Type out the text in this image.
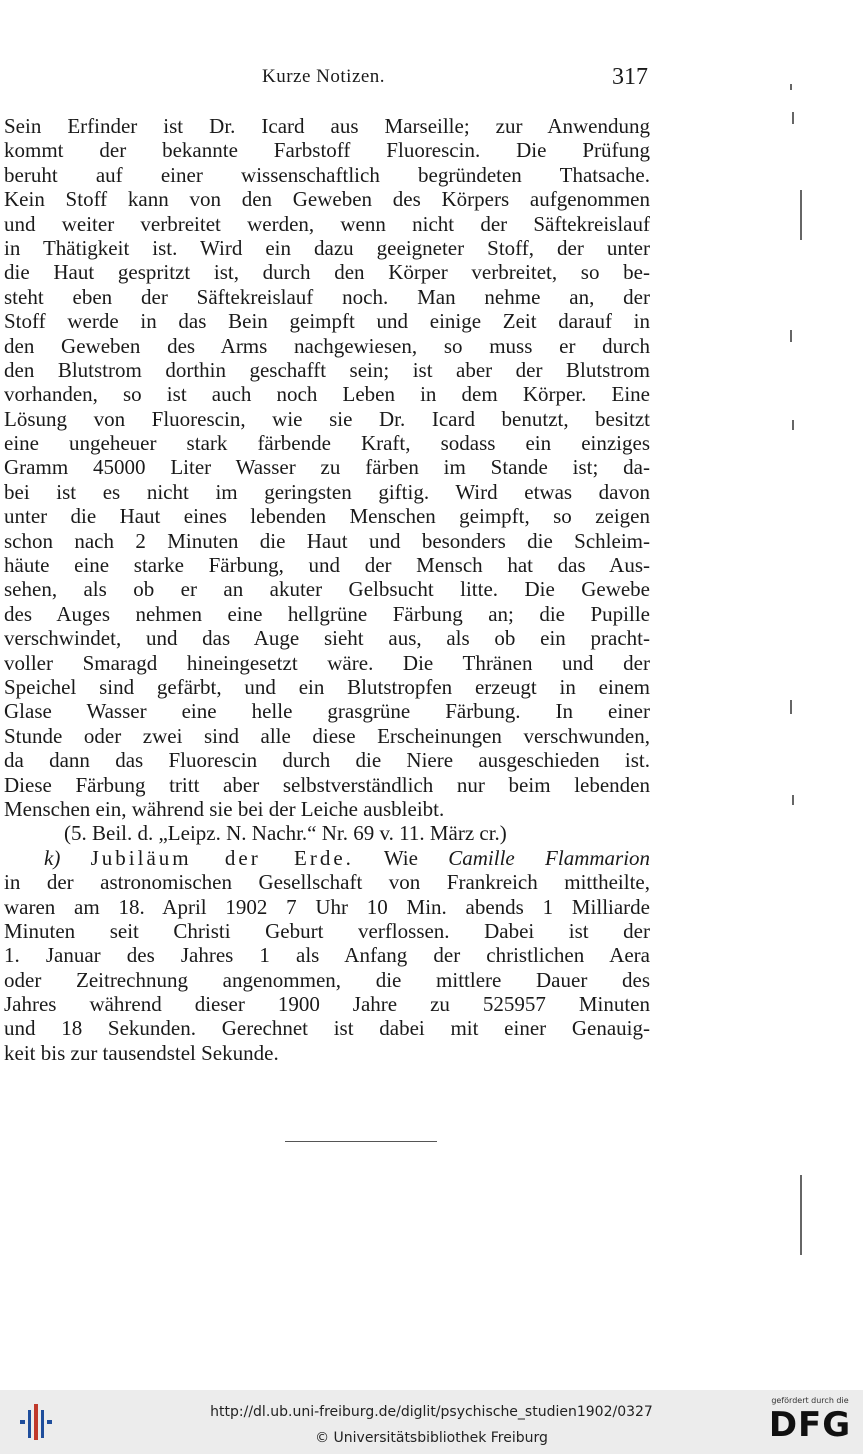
Kurze Notizen.	317
Sein Erfinder ist Dr. Icard aus Marseille; zur Anwendung
kommt der bekannte Farbstoff Fluorescin. Die Prüfung
beruht auf einer wissenschaftlich begründeten Thatsache.
Kein Stoff kann von den Geweben des Körpers aufgenommen
und weiter verbreitet werden, wenn nicht der Säftekreislauf
in Thätigkeit ist. Wird ein dazu geeigneter Stoff, der unter
die Haut gespritzt ist, durch den Körper verbreitet, so be-
steht eben der Säftekreislauf noch. Man nehme an, der
Stoff werde in das Bein geimpft und einige Zeit darauf in
den Geweben des Arms nachgewiesen, so muss er durch
den Blutstrom dorthin geschafft sein; ist aber der Blutstrom
vorhanden, so ist auch noch Leben in dem Körper. Eine
Lösung von Fluorescin, wie sie Dr. Icard benutzt, besitzt
eine ungeheuer stark färbende Kraft, sodass ein einziges
Gramm 45000 Liter Wasser zu färben im Stande ist; da-
bei ist es nicht im geringsten giftig. Wird etwas davon
unter die Haut eines lebenden Menschen geimpft, so zeigen
schon nach 2 Minuten die Haut und besonders die Schleim-
häute eine starke Färbung, und der Mensch hat das Aus-
sehen, als ob er an akuter Gelbsucht litte. Die Gewebe
des Auges nehmen eine hellgrüne Färbung an; die Pupille
verschwindet, und das Auge sieht aus, als ob ein pracht-
voller Smaragd hineingesetzt wäre. Die Thränen und der
Speichel sind gefärbt, und ein Blutstropfen erzeugt in einem
Glase Wasser eine helle grasgrüne Färbung. In einer
Stunde oder zwei sind alle diese Erscheinungen verschwunden,
da dann das Fluorescin durch die Niere ausgeschieden ist.
Diese Färbung tritt aber selbstverständlich nur beim lebenden
Menschen ein, während sie bei der Leiche ausbleibt.
(5. Beil. d. „Leipz. N. Nachr.“ Nr. 69 v. 11. März cr.)
k) Jubiläum der Erde. Wie Camille Flammarion
in der astronomischen Gesellschaft von Frankreich mittheilte,
waren am 18. April 1902 7 Uhr 10 Min. abends 1 Milliarde
Minuten seit Christi Geburt verflossen. Dabei ist der
1. Januar des Jahres 1 als Anfang der christlichen Aera
oder Zeitrechnung angenommen, die mittlere Dauer des
Jahres während dieser 1900 Jahre zu 525957 Minuten
und 18 Sekunden. Gerechnet ist dabei mit einer Genauig-
keit bis zur tausendstel Sekunde.
http://dl.ub.uni-freiburg.de/diglit/psychische_studien1902/0327
© Universitätsbibliothek Freiburg
gefördert durch die
DFG
